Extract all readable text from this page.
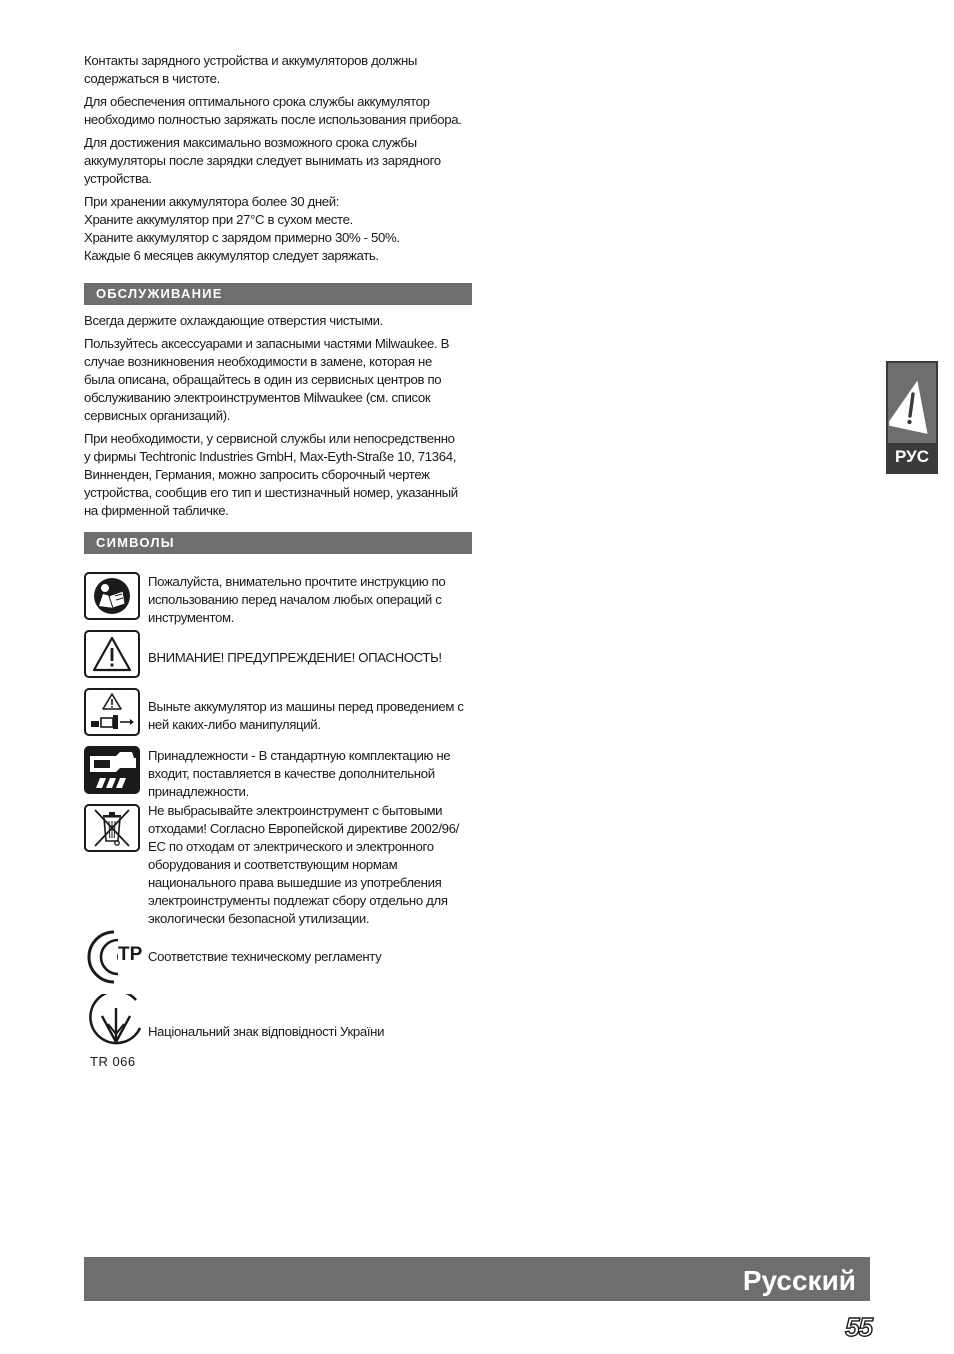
Контакты зарядного устройства и аккумуляторов должны
содержаться в чистоте.
Для обеспечения оптимального срока службы аккумулятор
необходимо полностью заряжать после использования прибора.
Для достижения максимально возможного срока службы
аккумуляторы после зарядки следует вынимать из зарядного
устройства.
При хранении аккумулятора более 30 дней:
Храните аккумулятор при 27°C в сухом месте.
Храните аккумулятор с зарядом примерно 30% - 50%.
Каждые 6 месяцев аккумулятор следует заряжать.
ОБСЛУЖИВАНИЕ
Всегда держите охлаждающие отверстия чистыми.
Пользуйтесь аксессуарами и запасными частями Milwaukee. В
случае возникновения необходимости в замене, которая не
была описана, обращайтесь в один из сервисных центров по
обслуживанию электроинструментов Milwaukee (см. список
сервисных организаций).
При необходимости, у сервисной службы или непосредственно
у фирмы Techtronic Industries GmbH, Max-Eyth-Straße 10, 71364,
Винненден, Германия, можно запросить сборочный чертеж
устройства, сообщив его тип и шестизначный номер, указанный
на фирменной табличке.
СИМВОЛЫ
Пожалуйста, внимательно прочтите инструкцию по
использованию перед началом любых операций с
инструментом.
ВНИМАНИЕ! ПРЕДУПРЕЖДЕНИЕ! ОПАСНОСТЬ!
Выньте аккумулятор из машины перед проведением с
ней каких-либо манипуляций.
Принадлежности - В стандартную комплектацию не
входит, поставляется в качестве дополнительной
принадлежности.
Не выбрасывайте электроинструмент с бытовыми
отходами! Согласно Европейской директиве 2002/96/
EC по отходам от электрического и электронного
оборудования и соответствующим нормам
национального права вышедшие из употребления
электроинструменты подлежат сбору отдельно для
экологически безопасной утилизации.
ТР Соответствие техническому регламенту
TR 066
Національний знак відповідності України
РУС
Русский
55
